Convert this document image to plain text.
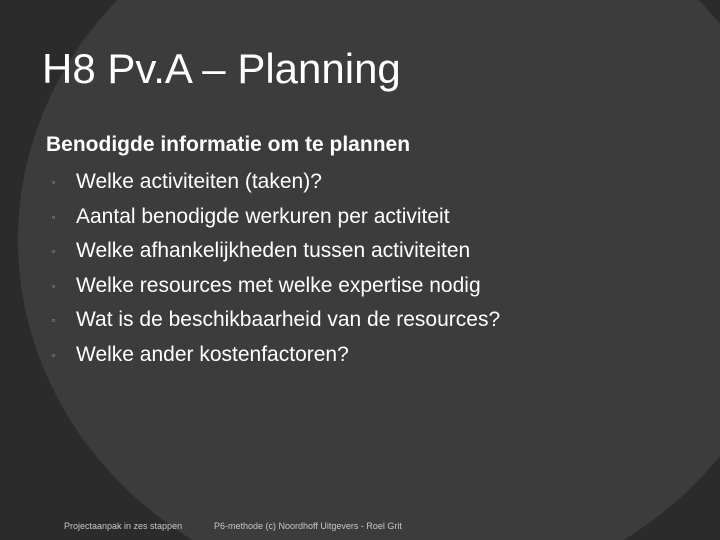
H8 Pv.A – Planning

Benodigde informatie om te plannen

▫ Welke activiteiten (taken)?
▫ Aantal benodigde werkuren per activiteit
▫ Welke afhankelijkheden tussen activiteiten
▫ Welke resources met welke expertise nodig
▫ Wat is de beschikbaarheid van de resources?
▫ Welke ander kostenfactoren?
Projectaanpak in zes stappen	P6-methode (c) Noordhoff Uitgevers - Roel Grit
